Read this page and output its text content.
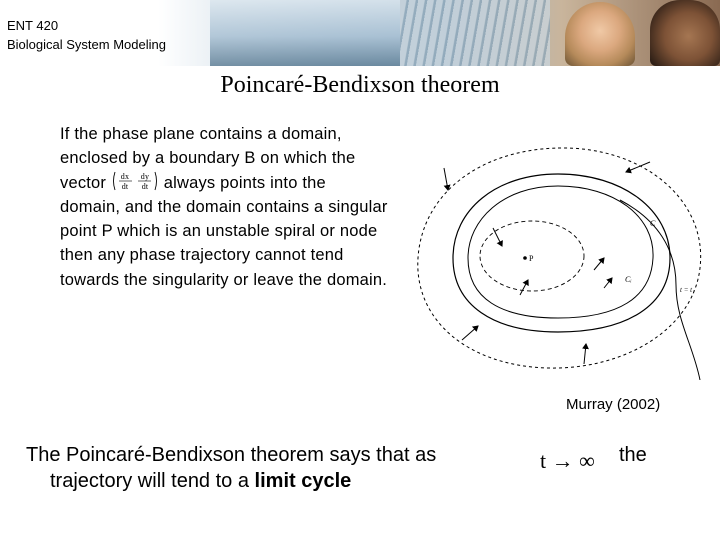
ENT 420
Biological System Modeling
Poincaré-Bendixson theorem
If the phase plane contains a domain, enclosed by a boundary B on which the vector dx
dt
dy
dt always points into the domain, and the domain contains a singular point P which is an unstable spiral or node then any phase trajectory cannot tend towards the singularity or leave the domain.
P
C
Cᵢ
t = t₁
Murray (2002)
The Poincaré-Bendixson theorem says that as
trajectory will tend to a limit cycle
t → ∞ the
